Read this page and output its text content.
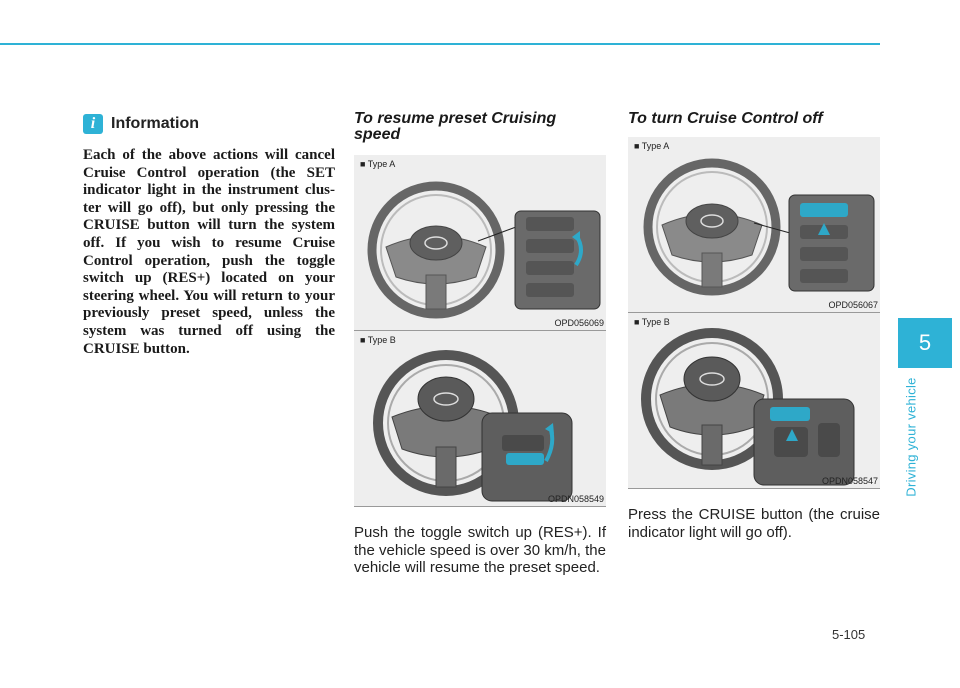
5
Driving your vehicle
i Information
Each of the above actions will cancel Cruise Control operation (the SET indicator light in the instrument clus-ter will go off), but only pressing the CRUISE button will turn the system off. If you wish to resume Cruise Control operation, push the toggle switch up (RES+) located on your steering wheel. You will return to your previously preset speed, unless the system was turned off using the CRUISE button.
To resume preset Cruising speed
■ Type A
OPD056069
■ Type B
OPDN058549
Push the toggle switch up (RES+). If the vehicle speed is over 30 km/h, the vehicle will resume the preset speed.
To turn Cruise Control off
■ Type A
OPD056067
■ Type B
OPDN058547
Press the CRUISE button (the cruise indicator light will go off).
5-105
